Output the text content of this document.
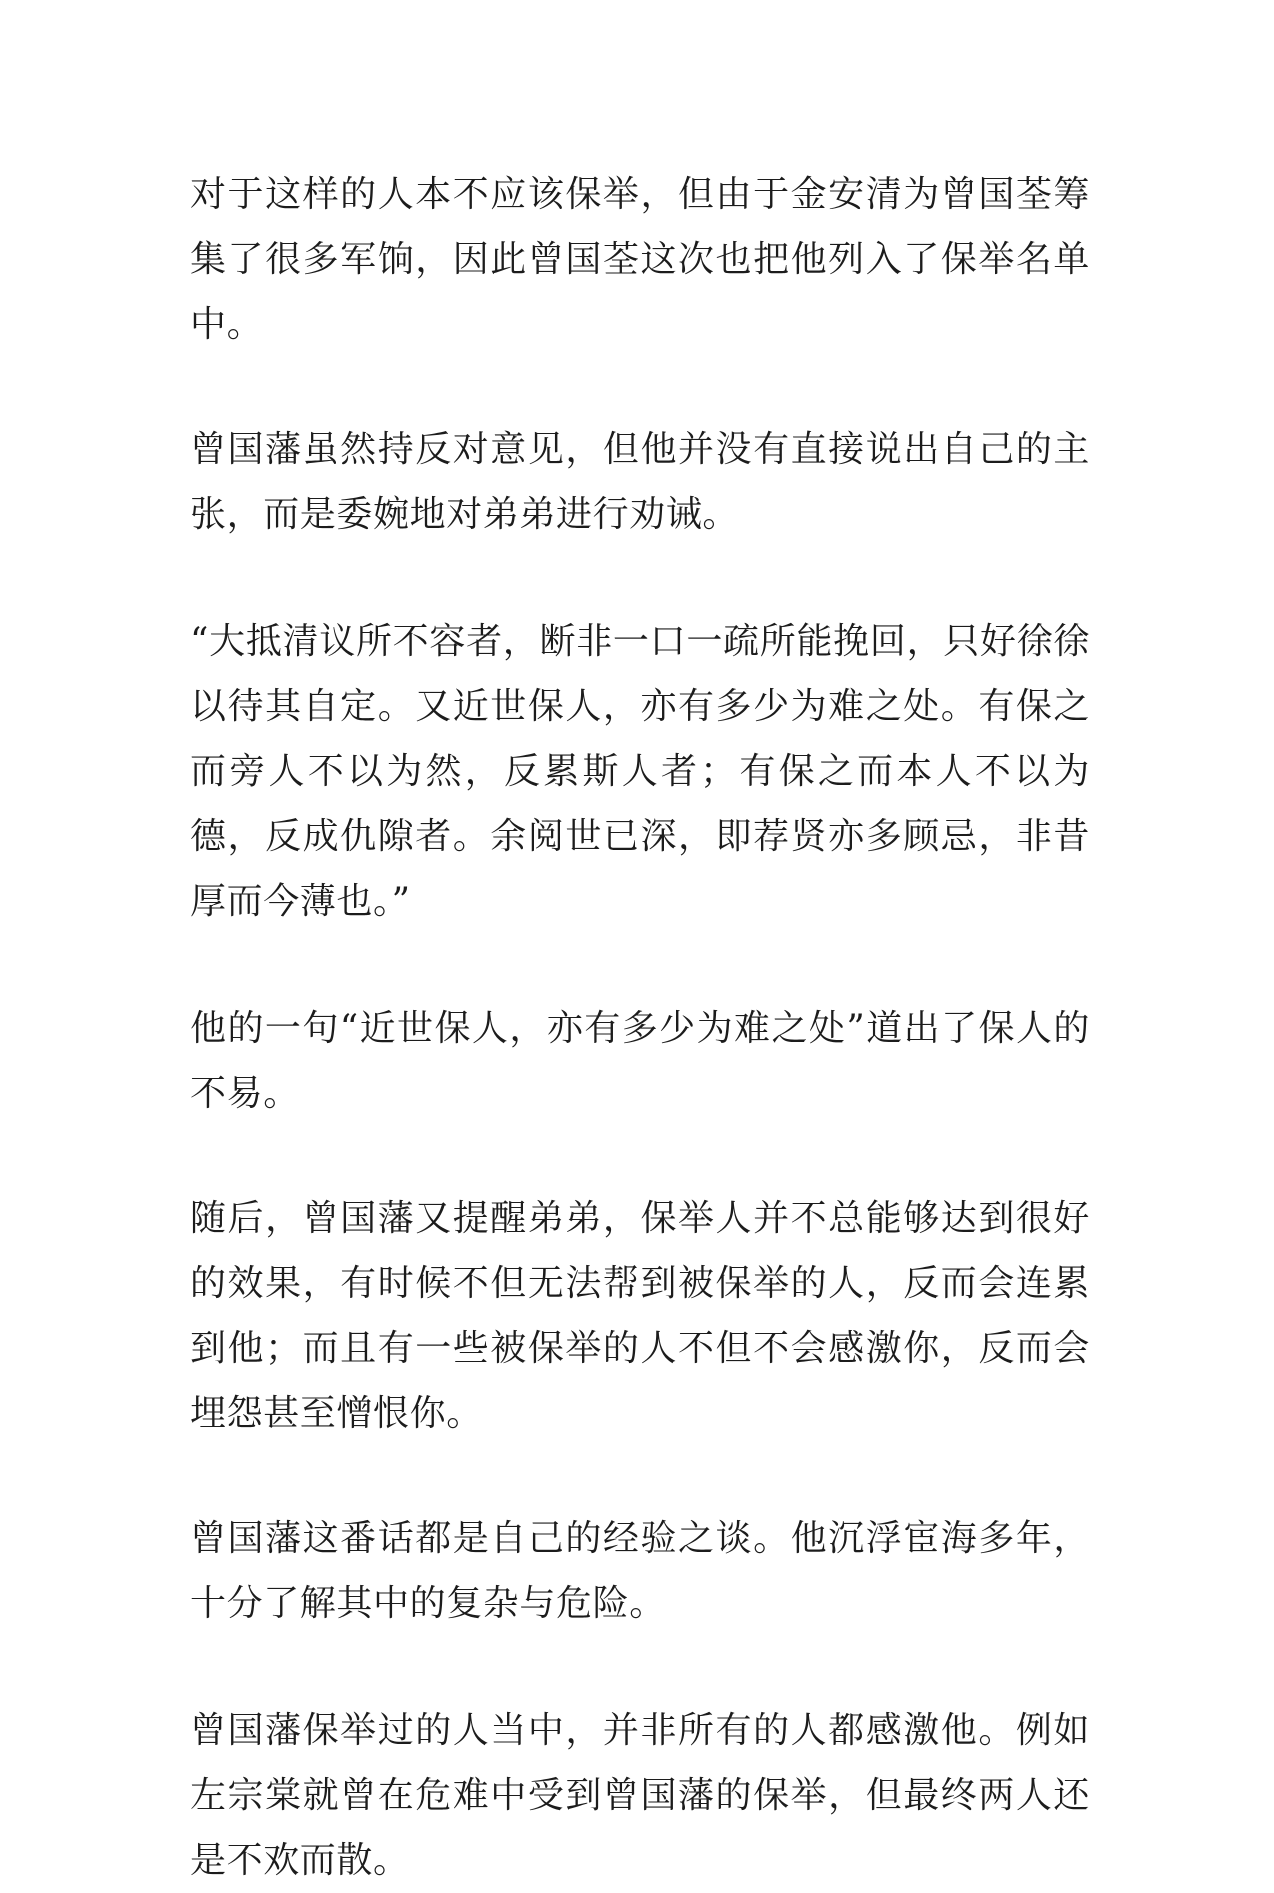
对于这样的人本不应该保举，但由于金安清为曾国荃筹集了很多军饷，因此曾国荃这次也把他列入了保举名单中。

曾国藩虽然持反对意见，但他并没有直接说出自己的主张，而是委婉地对弟弟进行劝诫。

“大抵清议所不容者，断非一口一疏所能挽回，只好徐徐以待其自定。又近世保人，亦有多少为难之处。有保之而旁人不以为然，反累斯人者；有保之而本人不以为德，反成仇隙者。余阅世已深，即荐贤亦多顾忌，非昔厚而今薄也。”

他的一句“近世保人，亦有多少为难之处”道出了保人的不易。

随后，曾国藩又提醒弟弟，保举人并不总能够达到很好的效果，有时候不但无法帮到被保举的人，反而会连累到他；而且有一些被保举的人不但不会感激你，反而会埋怨甚至憎恨你。

曾国藩这番话都是自己的经验之谈。他沉浮宦海多年，十分了解其中的复杂与危险。

曾国藩保举过的人当中，并非所有的人都感激他。例如左宗棠就曾在危难中受到曾国藩的保举，但最终两人还是不欢而散。
